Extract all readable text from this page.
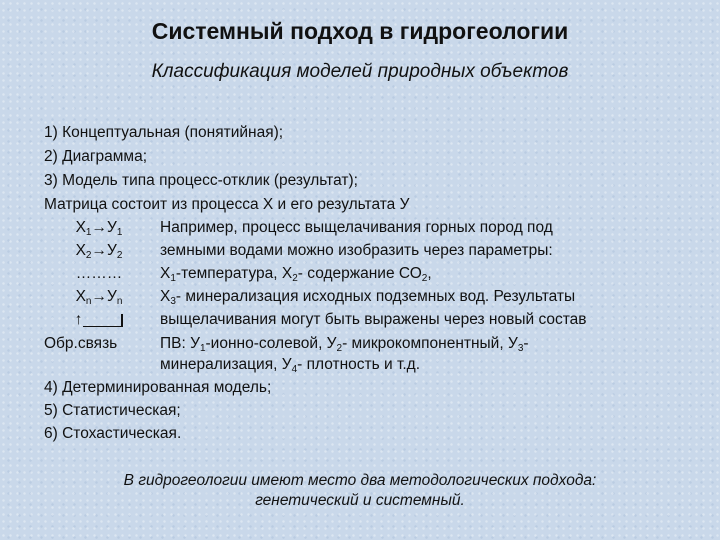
Системный подход в гидрогеологии
Классификация моделей природных объектов
1) Концептуальная (понятийная);
2) Диаграмма;
3) Модель типа процесс-отклик (результат);
Матрица состоит из процесса Х и его результата У
$Х_1\to У_1$
$Х_2\to У_2$
………
$Х_n\to У_n$
↑
Обр.связь
Например, процесс выщелачивания горных пород под
земными водами можно изобразить через параметры:
$Х_1$-температура, $Х_2-$ содержание $СО_2$,
$Х_3-$ минерализация исходных подземных вод. Результаты
выщелачивания могут быть выражены через новый состав
ПВ: $У_1-ионно$-солевой, $У_2-$ микрокомпонентный, $У_3-$
минерализация, $У_4-$ плотность и т.д.
4) Детерминированная модель;
5) Статистическая;
6) Стохастическая.
В гидрогеологии имеют место два методологических подхода:
генетический и системный.
